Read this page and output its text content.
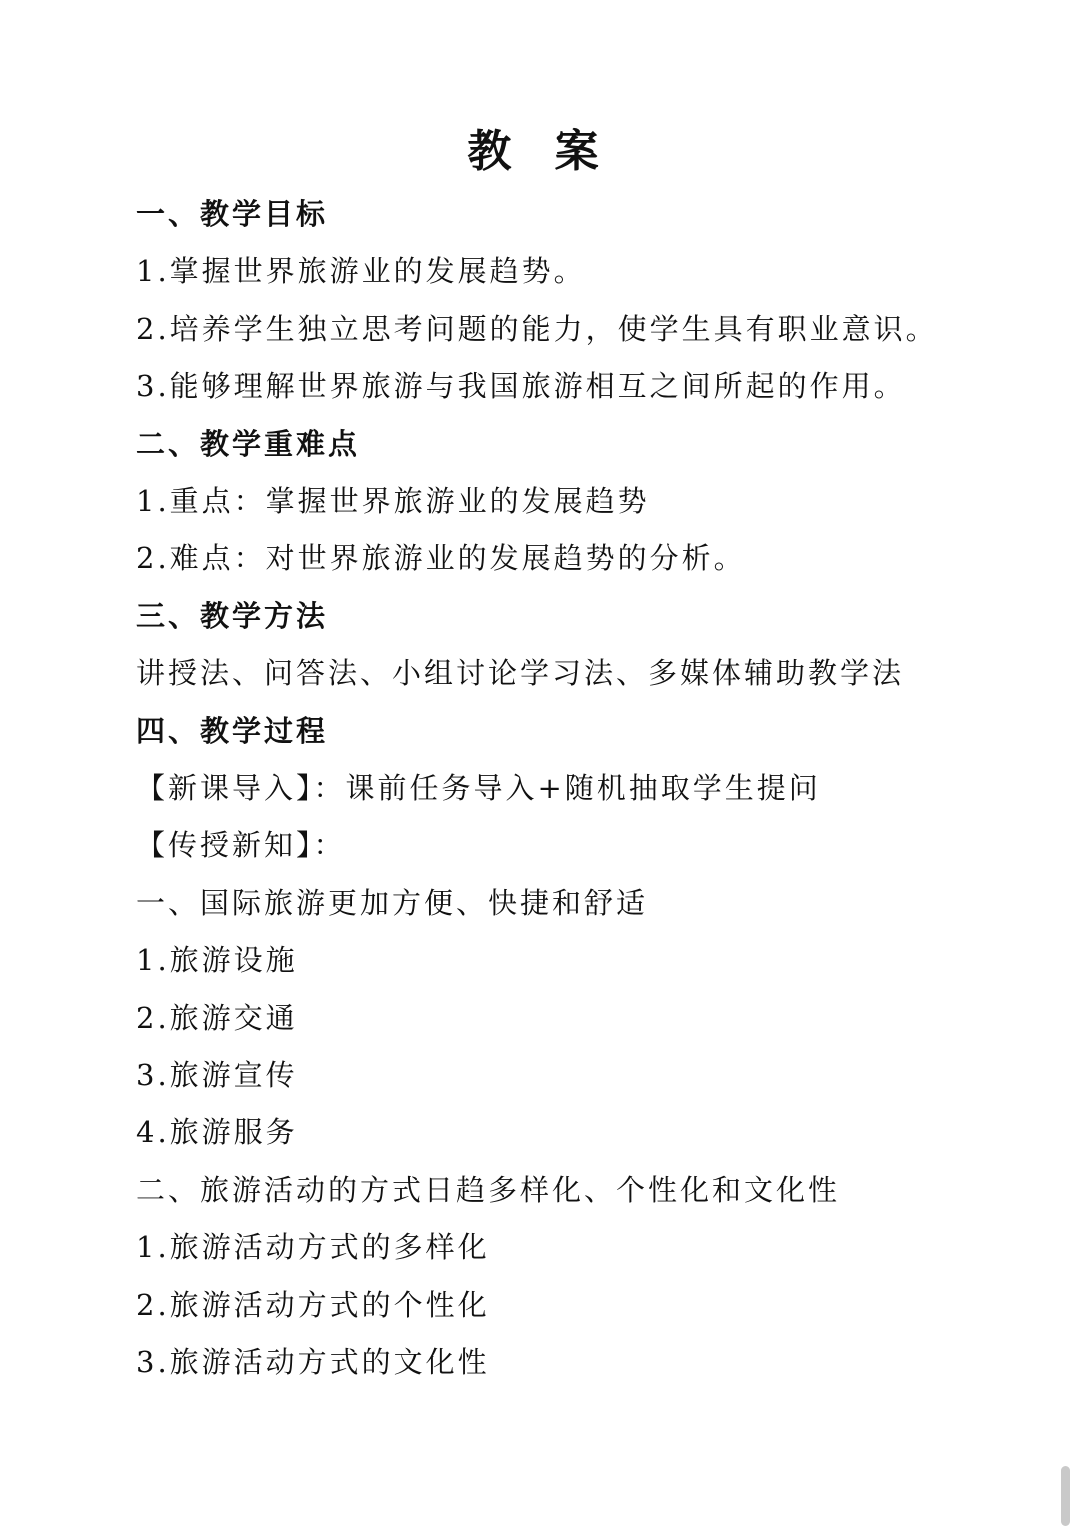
教 案
一、教学目标
1.掌握世界旅游业的发展趋势。
2.培养学生独立思考问题的能力，使学生具有职业意识。
3.能够理解世界旅游与我国旅游相互之间所起的作用。
二、教学重难点
1.重点：掌握世界旅游业的发展趋势
2.难点：对世界旅游业的发展趋势的分析。
三、教学方法
讲授法、问答法、小组讨论学习法、多媒体辅助教学法
四、教学过程
【新课导入】：课前任务导入+随机抽取学生提问
【传授新知】：
一、国际旅游更加方便、快捷和舒适
1.旅游设施
2.旅游交通
3.旅游宣传
4.旅游服务
二、旅游活动的方式日趋多样化、个性化和文化性
1.旅游活动方式的多样化
2.旅游活动方式的个性化
3.旅游活动方式的文化性
